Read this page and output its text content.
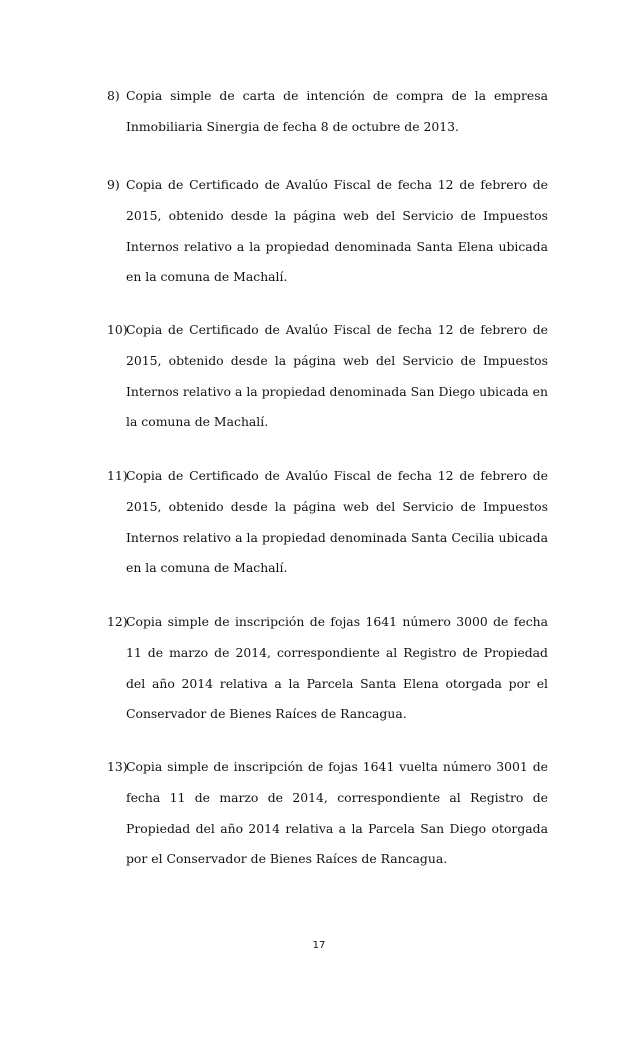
8) Copia simple de carta de intención de compra de la empresa Inmobiliaria Sinergia de fecha 8 de octubre de 2013.

9) Copia de Certificado de Avalúo Fiscal de fecha 12 de febrero de 2015, obtenido desde la página web del Servicio de Impuestos Internos relativo a la propiedad denominada Santa Elena ubicada en la comuna de Machalí.

10)

Copia de Certificado de Avalúo Fiscal de fecha 12 de febrero de 2015, obtenido desde la página web del Servicio de Impuestos Internos relativo a la propiedad denominada San Diego ubicada en la comuna de Machalí.

11)

Copia de Certificado de Avalúo Fiscal de fecha 12 de febrero de 2015, obtenido desde la página web del Servicio de Impuestos Internos relativo a la propiedad denominada Santa Cecilia ubicada en la comuna de Machalí.

12)

Copia simple de inscripción de fojas 1641 número 3000 de fecha 11 de marzo de 2014, correspondiente al Registro de Propiedad del año 2014 relativa a la Parcela Santa Elena otorgada por el Conservador de Bienes Raíces de Rancagua.

13)

Copia simple de inscripción de fojas 1641 vuelta número 3001 de fecha 11 de marzo de 2014, correspondiente al Registro de Propiedad del año 2014 relativa a la Parcela San Diego otorgada por el Conservador de Bienes Raíces de Rancagua.

17
